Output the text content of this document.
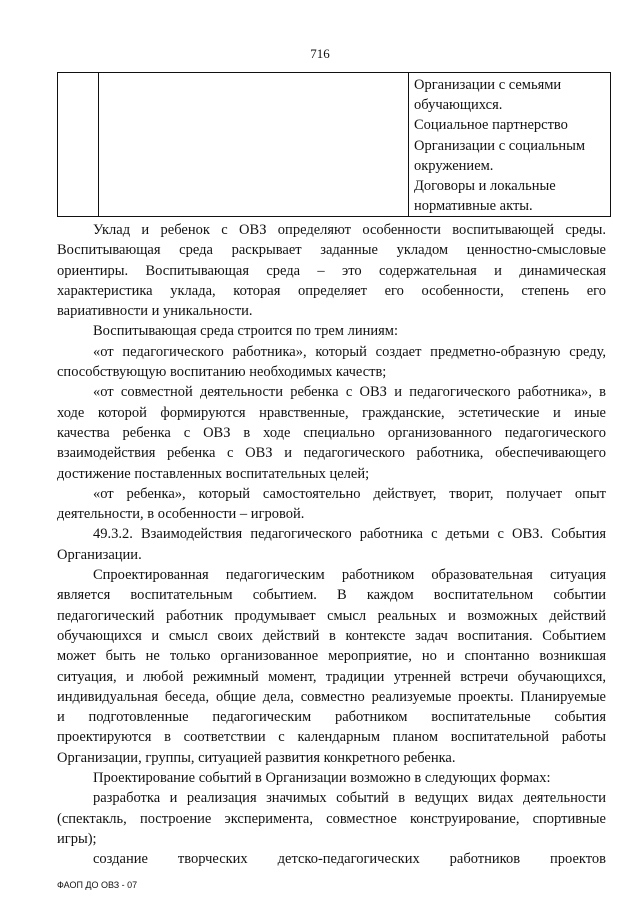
716

Организации с семьями
обучающихся.
Социальное партнерство
Организации с социальным
окружением.
Договоры и локальные
нормативные акты.
Уклад и ребенок с ОВЗ определяют особенности воспитывающей среды.
Воспитывающая среда раскрывает заданные укладом ценностно-смысловые
ориентиры. Воспитывающая среда – это содержательная и динамическая
характеристика уклада, которая определяет его особенности, степень его
вариативности и уникальности.
Воспитывающая среда строится по трем линиям:
«от педагогического работника», который создает предметно-образную среду,
способствующую воспитанию необходимых качеств;
«от совместной деятельности ребенка с ОВЗ и педагогического работника», в
ходе которой формируются нравственные, гражданские, эстетические и иные
качества ребенка с ОВЗ в ходе специально организованного педагогического
взаимодействия ребенка с ОВЗ и педагогического работника, обеспечивающего
достижение поставленных воспитательных целей;
«от ребенка», который самостоятельно действует, творит, получает опыт
деятельности, в особенности – игровой.
49.3.2. Взаимодействия педагогического работника с детьми с ОВЗ. События
Организации.
Спроектированная педагогическим работником образовательная ситуация
является воспитательным событием. В каждом воспитательном событии
педагогический работник продумывает смысл реальных и возможных действий
обучающихся и смысл своих действий в контексте задач воспитания. Событием
может быть не только организованное мероприятие, но и спонтанно возникшая
ситуация, и любой режимный момент, традиции утренней встречи обучающихся,
индивидуальная беседа, общие дела, совместно реализуемые проекты. Планируемые
и подготовленные педагогическим работником воспитательные события
проектируются в соответствии с календарным планом воспитательной работы
Организации, группы, ситуацией развития конкретного ребенка.
Проектирование событий в Организации возможно в следующих формах:
разработка и реализация значимых событий в ведущих видах деятельности
(спектакль, построение эксперимента, совместное конструирование, спортивные
игры);
создание творческих детско-педагогических работников проектов
ФАОП ДО ОВЗ - 07
